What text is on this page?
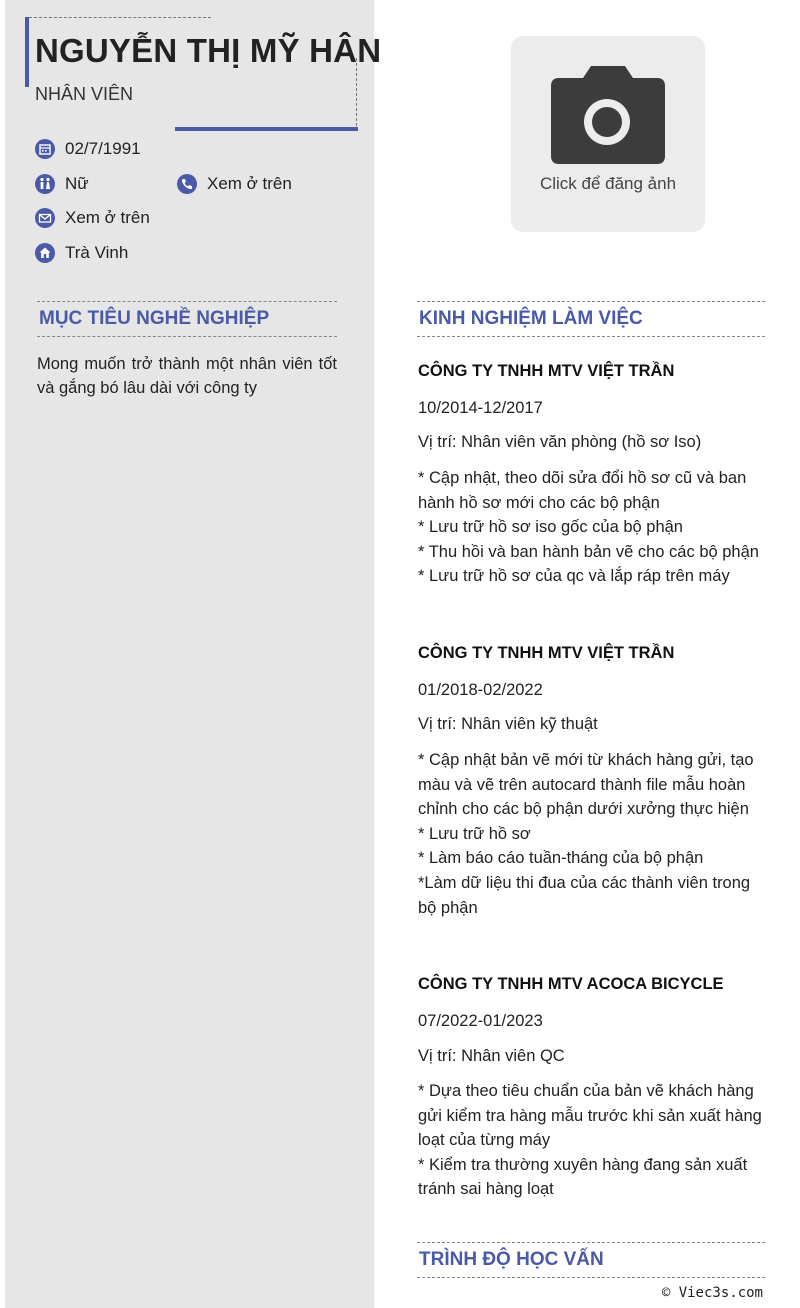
NGUYỄN THỊ MỸ HÂN
NHÂN VIÊN
02/7/1991
Nữ	Xem ở trên
Xem ở trên
Trà Vinh
MỤC TIÊU NGHỀ NGHIỆP
Mong muốn trở thành một nhân viên tốt và gắng bó lâu dài với công ty
Click để đăng ảnh
KINH NGHIỆM LÀM VIỆC
CÔNG TY TNHH MTV VIỆT TRẦN
10/2014-12/2017
Vị trí: Nhân viên văn phòng (hồ sơ Iso)
* Cập nhật, theo dõi sửa đổi hồ sơ cũ và ban hành hồ sơ mới cho các bộ phận
* Lưu trữ hồ sơ iso gốc của bộ phận
* Thu hồi và ban hành bản vẽ cho các bộ phận
* Lưu trữ hồ sơ của qc và lắp ráp trên máy
CÔNG TY TNHH MTV VIỆT TRẦN
01/2018-02/2022
Vị trí: Nhân viên kỹ thuật
* Cập nhật bản vẽ mới từ khách hàng gửi, tạo màu và vẽ trên autocard thành file mẫu hoàn chỉnh cho các bộ phận dưới xưởng thực hiện
* Lưu trữ hồ sơ
* Làm báo cáo tuần-tháng của bộ phận
*Làm dữ liệu thi đua của các thành viên trong bộ phận
CÔNG TY TNHH MTV ACOCA BICYCLE
07/2022-01/2023
Vị trí: Nhân viên QC
* Dựa theo tiêu chuẩn của bản vẽ khách hàng gửi kiểm tra hàng mẫu trước khi sản xuất hàng loạt của từng máy
* Kiểm tra thường xuyên hàng đang sản xuất tránh sai hàng loạt
TRÌNH ĐỘ HỌC VẤN
© Viec3s.com
